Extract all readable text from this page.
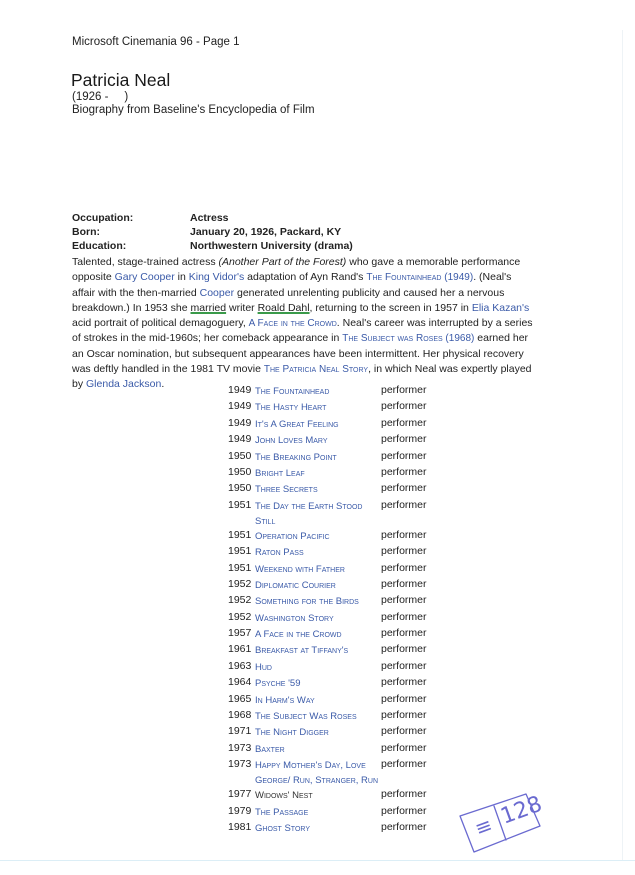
Microsoft Cinemania 96 - Page 1
Patricia Neal
(1926 -     )
Biography from Baseline's Encyclopedia of Film
Occupation:	Actress
Born:	January 20, 1926, Packard, KY
Education:	Northwestern University (drama)
Talented, stage-trained actress (Another Part of the Forest) who gave a memorable performance
opposite Gary Cooper in King Vidor's adaptation of Ayn Rand's The Fountainhead (1949). (Neal's
affair with the then-married Cooper generated unrelenting publicity and caused her a nervous
breakdown.) In 1953 she married writer Roald Dahl, returning to the screen in 1957 in Elia Kazan's
acid portrait of political demagoguery, A Face in the Crowd. Neal's career was interrupted by a series
of strokes in the mid-1960s; her comeback appearance in The Subject was Roses (1968) earned her
an Oscar nomination, but subsequent appearances have been intermittent. Her physical recovery
was deftly handled in the 1981 TV movie The Patricia Neal Story, in which Neal was expertly played
by Glenda Jackson.	1949 The Fountainhead	performer
1949 The Hasty Heart	performer
1949 It's A Great Feeling	performer
1949 John Loves Mary	performer
1950 The Breaking Point	performer
1950 Bright Leaf	performer
1950 Three Secrets	performer
1951 The Day the Earth Stood Still
performer
1951 Operation Pacific	performer
1951 Raton Pass	performer
1951 Weekend with Father	performer
1952 Diplomatic Courier	performer
1952 Something for the Birds	performer
1952 Washington Story	performer
1957 A Face in the Crowd	performer
1961 Breakfast at Tiffany's	performer
1963 Hud	performer
1964 Psyche '59	performer
1965 In Harm's Way	performer
1968 The Subject Was Roses	performer
1971 The Night Digger	performer
1973 Baxter	performer
1973 Happy Mother's Day, Love George/ Run, Stranger, Run
performer
1977 Widows' Nest	performer
1979 The Passage	performer
1981 Ghost Story	performer ≡ 128
